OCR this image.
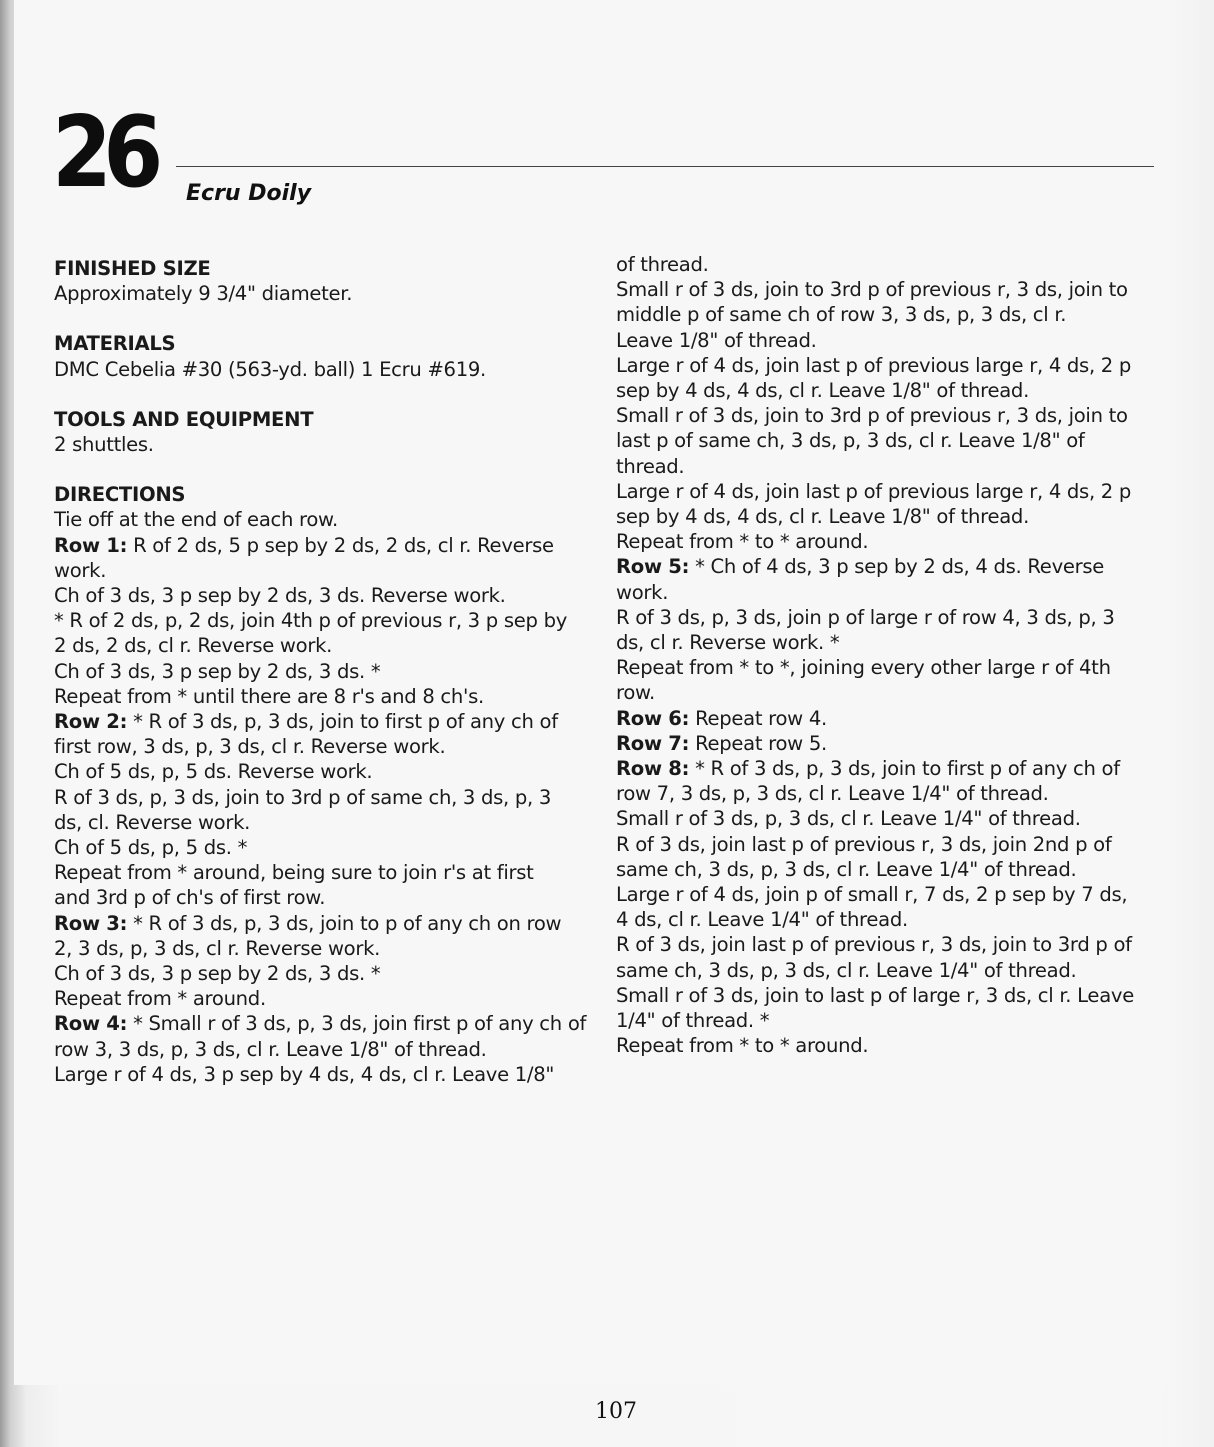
26 Ecru Doily
FINISHED SIZE
Approximately 9 3/4" diameter.
MATERIALS
DMC Cebelia #30 (563-yd. ball) 1 Ecru #619.
TOOLS AND EQUIPMENT
2 shuttles.
DIRECTIONS
Tie off at the end of each row.
Row 1: R of 2 ds, 5 p sep by 2 ds, 2 ds, cl r. Reverse
work.
Ch of 3 ds, 3 p sep by 2 ds, 3 ds. Reverse work.
* R of 2 ds, p, 2 ds, join 4th p of previous r, 3 p sep by
2 ds, 2 ds, cl r. Reverse work.
Ch of 3 ds, 3 p sep by 2 ds, 3 ds. *
Repeat from * until there are 8 r's and 8 ch's.
Row 2: * R of 3 ds, p, 3 ds, join to first p of any ch of
first row, 3 ds, p, 3 ds, cl r. Reverse work.
Ch of 5 ds, p, 5 ds. Reverse work.
R of 3 ds, p, 3 ds, join to 3rd p of same ch, 3 ds, p, 3
ds, cl. Reverse work.
Ch of 5 ds, p, 5 ds. *
Repeat from * around, being sure to join r's at first
and 3rd p of ch's of first row.
Row 3: * R of 3 ds, p, 3 ds, join to p of any ch on row
2, 3 ds, p, 3 ds, cl r. Reverse work.
Ch of 3 ds, 3 p sep by 2 ds, 3 ds. *
Repeat from * around.
Row 4: * Small r of 3 ds, p, 3 ds, join first p of any ch of
row 3, 3 ds, p, 3 ds, cl r. Leave 1/8" of thread.
Large r of 4 ds, 3 p sep by 4 ds, 4 ds, cl r. Leave 1/8"
of thread.
Small r of 3 ds, join to 3rd p of previous r, 3 ds, join to
middle p of same ch of row 3, 3 ds, p, 3 ds, cl r.
Leave 1/8" of thread.
Large r of 4 ds, join last p of previous large r, 4 ds, 2 p
sep by 4 ds, 4 ds, cl r. Leave 1/8" of thread.
Small r of 3 ds, join to 3rd p of previous r, 3 ds, join to
last p of same ch, 3 ds, p, 3 ds, cl r. Leave 1/8" of
thread.
Large r of 4 ds, join last p of previous large r, 4 ds, 2 p
sep by 4 ds, 4 ds, cl r. Leave 1/8" of thread.
Repeat from * to * around.
Row 5: * Ch of 4 ds, 3 p sep by 2 ds, 4 ds. Reverse
work.
R of 3 ds, p, 3 ds, join p of large r of row 4, 3 ds, p, 3
ds, cl r. Reverse work. *
Repeat from * to *, joining every other large r of 4th
row.
Row 6: Repeat row 4.
Row 7: Repeat row 5.
Row 8: * R of 3 ds, p, 3 ds, join to first p of any ch of
row 7, 3 ds, p, 3 ds, cl r. Leave 1/4" of thread.
Small r of 3 ds, p, 3 ds, cl r. Leave 1/4" of thread.
R of 3 ds, join last p of previous r, 3 ds, join 2nd p of
same ch, 3 ds, p, 3 ds, cl r. Leave 1/4" of thread.
Large r of 4 ds, join p of small r, 7 ds, 2 p sep by 7 ds,
4 ds, cl r. Leave 1/4" of thread.
R of 3 ds, join last p of previous r, 3 ds, join to 3rd p of
same ch, 3 ds, p, 3 ds, cl r. Leave 1/4" of thread.
Small r of 3 ds, join to last p of large r, 3 ds, cl r. Leave
1/4" of thread. *
Repeat from * to * around.
107
